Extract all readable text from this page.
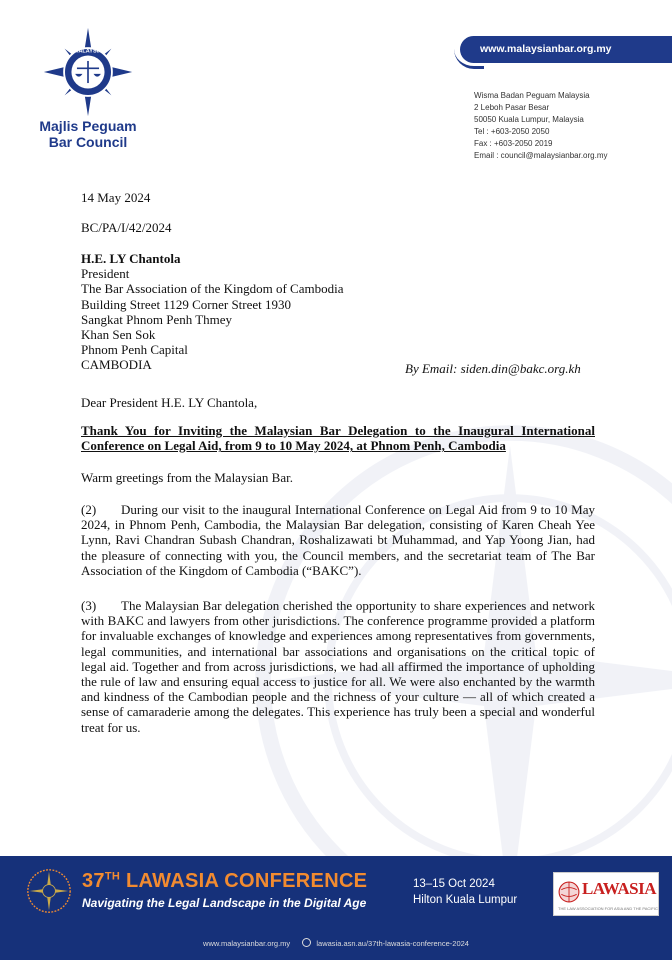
MALAYSIA
Majlis Peguam
Bar Council
www.malaysianbar.org.my
Wisma Badan Peguam Malaysia
2 Leboh Pasar Besar
50050 Kuala Lumpur, Malaysia
Tel : +603-2050 2050
Fax : +603-2050 2019
Email : council@malaysianbar.org.my
14 May 2024
BC/PA/I/42/2024
H.E. LY Chantola
President
The Bar Association of the Kingdom of Cambodia
Building Street 1129 Corner Street 1930
Sangkat Phnom Penh Thmey
Khan Sen Sok
Phnom Penh Capital
CAMBODIA	By Email: siden.din@bakc.org.kh
Dear President H.E. LY Chantola,
Thank You for Inviting the Malaysian Bar Delegation to the Inaugural International Conference on Legal Aid, from 9 to 10 May 2024, at Phnom Penh, Cambodia
Warm greetings from the Malaysian Bar.
(2) During our visit to the inaugural International Conference on Legal Aid from 9 to 10 May 2024, in Phnom Penh, Cambodia, the Malaysian Bar delegation, consisting of Karen Cheah Yee Lynn, Ravi Chandran Subash Chandran, Roshalizawati bt Muhammad, and Yap Yoong Jian, had the pleasure of connecting with you, the Council members, and the secretariat team of The Bar Association of the Kingdom of Cambodia (“BAKC”).
(3) The Malaysian Bar delegation cherished the opportunity to share experiences and network with BAKC and lawyers from other jurisdictions. The conference programme provided a platform for invaluable exchanges of knowledge and experiences among representatives from governments, legal communities, and international bar associations and organisations on the critical topic of legal aid. Together and from across jurisdictions, we had all affirmed the importance of upholding the rule of law and ensuring equal access to justice for all. We were also enchanted by the warmth and kindness of the Cambodian people and the richness of your culture — all of which created a sense of camaraderie among the delegates. This experience has truly been a special and wonderful treat for us.
37TH LAWASIA CONFERENCE
Navigating the Legal Landscape in the Digital Age
13–15 Oct 2024
Hilton Kuala Lumpur
LAWASIA
THE LAW ASSOCIATION FOR ASIA AND THE PACIFIC
www.malaysianbar.org.my	lawasia.asn.au/37th-lawasia-conference-2024
